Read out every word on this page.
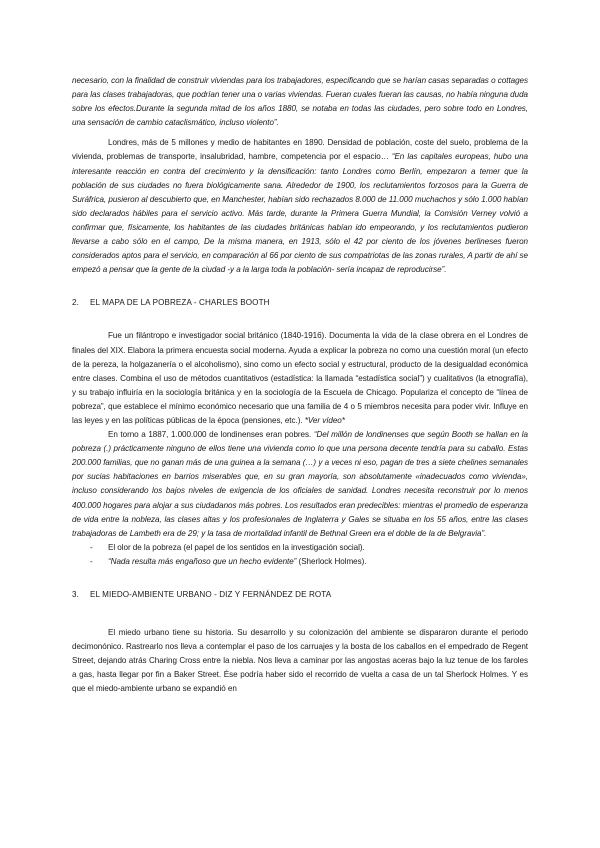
necesario, con la finalidad de construir viviendas para los trabajadores, especificando que se harían casas separadas o cottages para las clases trabajadoras, que podrían tener una o varias viviendas. Fueran cuales fueran las causas, no había ninguna duda sobre los efectos.Durante la segunda mitad de los años 1880, se notaba en todas las ciudades, pero sobre todo en Londres, una sensación de cambio cataclismático, incluso violento”.

Londres, más de 5 millones y medio de habitantes en 1890. Densidad de población, coste del suelo, problema de la vivienda, problemas de transporte, insalubridad, hambre, competencia por el espacio… “En las capitales europeas, hubo una interesante reacción en contra del crecimiento y la densificación: tanto Londres como Berlín, empezaron a temer que la población de sus ciudades no fuera biológicamente sana. Alrededor de 1900, los reclutamientos forzosos para la Guerra de Suráfrica, pusieron al descubierto que, en Manchester, habían sido rechazados 8.000 de 11.000 muchachos y sólo 1.000 habían sido declarados hábiles para el servicio activo. Más tarde, durante la Primera Guerra Mundial, la Comisión Verney volvió a confirmar que, físicamente, los habitantes de las ciudades británicas habían ido empeorando, y los reclutamientos pudieron llevarse a cabo sólo en el campo, De la misma manera, en 1913, sólo el 42 por ciento de los jóvenes berlineses fueron considerados aptos para el servicio, en comparación al 66 por ciento de sus compatriotas de las zonas rurales, A partir de ahí se empezó a pensar que la gente de la ciudad -y a la larga toda la población- sería incapaz de reproducirse”.

2. EL MAPA DE LA POBREZA - CHARLES BOOTH

Fue un filántropo e investigador social británico (1840-1916). Documenta la vida de la clase obrera en el Londres de finales del XIX. Elabora la primera encuesta social moderna. Ayuda a explicar la pobreza no como una cuestión moral (un efecto de la pereza, la holgazanería o el alcoholismo), sino como un efecto social y estructural, producto de la desigualdad económica entre clases. Combina el uso de métodos cuantitativos (estadística: la llamada “estadística social”) y cualitativos (la etnografía), y su trabajo influiría en la sociología británica y en la sociología de la Escuela de Chicago. Populariza el concepto de “línea de pobreza”, que establece el mínimo económico necesario que una familia de 4 o 5 miembros necesita para poder vivir. Influye en las leyes y en las políticas públicas de la época (pensiones, etc.). *Ver vídeo*

En torno a 1887, 1.000.000 de londinenses eran pobres. “Del millón de londinenses que según Booth se hallan en la pobreza (.) prácticamente ninguno de ellos tiene una vivienda como lo que una persona decente tendría para su caballo. Estas 200.000 familias, que no ganan más de una guinea a la semana (…) y a veces ni eso, pagan de tres a siete chelines semanales por sucias habitaciones en barrios miserables que, en su gran mayoría, son absolutamente «inadecuados como vivienda», incluso considerando los bajos niveles de exigencia de los oficiales de sanidad. Londres necesita reconstruir por lo menos 400.000 hogares para alojar a sus ciudadanos más pobres. Los resultados eran predecibles: mientras el promedio de esperanza de vida entre la nobleza, las clases altas y los profesionales de Inglaterra y Gales se situaba en los 55 años, entre las clases trabajadoras de Lambeth era de 29; y la tasa de mortalidad infantil de Bethnal Green era el doble de la de Belgravia”.

- El olor de la pobreza (el papel de los sentidos en la investigación social).
- “Nada resulta más engañoso que un hecho evidente” (Sherlock Holmes).
3. EL MIEDO-AMBIENTE URBANO - DIZ Y FERNÁNDEZ DE ROTA

El miedo urbano tiene su historia. Su desarrollo y su colonización del ambiente se dispararon durante el periodo decimonónico. Rastrearlo nos lleva a contemplar el paso de los carruajes y la bosta de los caballos en el empedrado de Regent Street, dejando atrás Charing Cross entre la niebla. Nos lleva a caminar por las angostas aceras bajo la luz tenue de los faroles a gas, hasta llegar por fin a Baker Street. Ése podría haber sido el recorrido de vuelta a casa de un tal Sherlock Holmes. Y es que el miedo-ambiente urbano se expandió en
